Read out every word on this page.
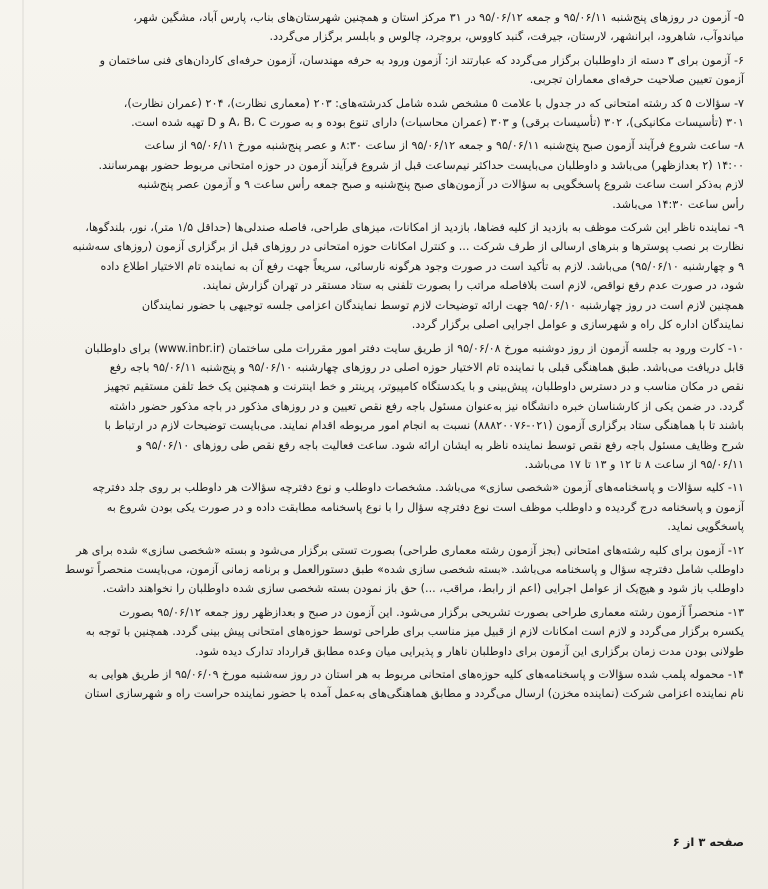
۵- آزمون در روزهای پنج‌شنبه ۹۵/۰۶/۱۱ و جمعه ۹۵/۰۶/۱۲ در ۳۱ مرکز استان و همچنین شهرستان‌های بناب، پارس آباد، مشگین شهر،

میاندوآب، شاهرود، ابرانشهر، لارستان، جیرفت، گنبد کاووس، بروجرد، چالوس و بابلسر برگزار می‌گردد.

۶- آزمون برای ۳ دسته از داوطلبان برگزار می‌گردد که عبارتند از: آزمون ورود به حرفه مهندسان، آزمون حرفه‌ای کاردان‌های فنی ساختمان و

آزمون تعیین صلاحیت حرفه‌ای معماران تجربی.

۷- سؤالات ۵ کد رشته امتحانی که در جدول با علامت ٥ مشخص شده شامل کدرشته‌های: ۲۰۳ (معماری نظارت)، ۲۰۴ (عمران نظارت)،

۳۰۱ (تأسیسات مکانیکی)، ۳۰۲ (تأسیسات برقی) و ۳۰۳ (عمران محاسبات) دارای تنوع بوده و به صورت A، B، C و D تهیه شده است.

۸- ساعت شروع فرآیند آزمون صبح پنج‌شنبه ۹۵/۰۶/۱۱ و جمعه ۹۵/۰۶/۱۲ از ساعت ۸:۳۰ و عصر پنج‌شنبه مورخ ۹۵/۰۶/۱۱ از ساعت

۱۴:۰۰ (۲ بعدازظهر) می‌باشد و داوطلبان می‌بایست حداکثر نیم‌ساعت قبل از شروع فرآیند آزمون در حوزه امتحانی مربوط حضور بهمرسانند.

لازم به‌ذکر است ساعت شروع پاسخگویی به سؤالات در آزمون‌های صبح پنج‌شنبه و صبح جمعه رأس ساعت ۹ و آزمون عصر پنج‌شنبه

رأس ساعت ۱۴:۳۰ می‌باشد.

۹- نماینده ناظر این شرکت موظف به بازدید از کلیه فضاها، بازدید از امکانات، میزهای طراحی، فاصله صندلی‌ها (حداقل ۱/۵ متر)، نور، بلندگوها،

نظارت بر نصب پوسترها و بنرهای ارسالی از طرف شرکت ... و کنترل امکانات حوزه امتحانی در روزهای قبل از برگزاری آزمون (روزهای سه‌شنبه

۹ و چهارشنبه ۹۵/۰۶/۱۰) می‌باشد. لازم به تأکید است در صورت وجود هرگونه نارسائی، سریعاً جهت رفع آن به نماینده تام الاختیار اطلاع داده

شود، در صورت عدم رفع نواقص، لازم است بلافاصله مراتب را بصورت تلفنی به ستاد مستقر در تهران گزارش نمایند.

همچنین لازم است در روز چهارشنبه ۹۵/۰۶/۱۰ جهت ارائه توضیحات لازم توسط نمایندگان اعزامی جلسه توجیهی با حضور نمایندگان

نمایندگان اداره کل راه و شهرسازی و عوامل اجرایی اصلی برگزار گردد.

۱۰- کارت ورود به جلسه آزمون از روز دوشنبه مورخ ۹۵/۰۶/۰۸ از طریق سایت دفتر امور مقررات ملی ساختمان (www.inbr.ir) برای داوطلبان

قابل دریافت می‌باشد. طبق هماهنگی قبلی با نماینده تام الاختیار حوزه اصلی در روزهای چهارشنبه ۹۵/۰۶/۱۰ و پنج‌شنبه ۹۵/۰۶/۱۱ باجه رفع

نقص در مکان مناسب و در دسترس داوطلبان، پیش‌بینی و با یکدستگاه کامپیوتر، پرینتر و خط اینترنت و همچنین یک خط تلفن مستقیم تجهیز

گردد. در ضمن یکی از کارشناسان خبره دانشگاه نیز به‌عنوان مسئول باجه رفع نقص تعیین و در روزهای مذکور در باجه مذکور حضور داشته

باشند تا با هماهنگی ستاد برگزاری آزمون (۰۲۱-۸۸۸۲۰۰۷۶) نسبت به انجام امور مربوطه اقدام نمایند. می‌بایست توضیحات لازم در ارتباط با

شرح وظایف مسئول باجه رفع نقص توسط نماینده ناظر به ایشان ارائه شود. ساعت فعالیت باجه رفع نقص طی روزهای ۹۵/۰۶/۱۰ و

۹۵/۰۶/۱۱ از ساعت ۸ تا ۱۲ و ۱۳ تا ۱۷ می‌باشد.

۱۱- کلیه سؤالات و پاسخنامه‌های آزمون «شخصی سازی» می‌باشد. مشخصات داوطلب و نوع دفترچه سؤالات هر داوطلب بر روی جلد دفترچه

آزمون و پاسخنامه درج گردیده و داوطلب موظف است نوع دفترچه سؤال را با نوع پاسخنامه مطابقت داده و در صورت یکی بودن شروع به

پاسخگویی نماید.

۱۲- آزمون برای کلیه رشته‌های امتحانی (بجز آزمون رشته معماری طراحی) بصورت تستی برگزار می‌شود و بسته «شخصی سازی» شده برای هر

داوطلب شامل دفترچه سؤال و پاسخنامه می‌باشد. «بسته شخصی سازی شده» طبق دستورالعمل و برنامه زمانی آزمون، می‌بایست منحصراً توسط

داوطلب باز شود و هیچ‌یک از عوامل اجرایی (اعم از رابط، مراقب، ...) حق باز نمودن بسته شخصی سازی شده داوطلبان را نخواهند داشت.

۱۳- منحصراً آزمون رشته معماری طراحی بصورت تشریحی برگزار می‌شود. این آزمون در صبح و بعدازظهر روز جمعه ۹۵/۰۶/۱۲ بصورت

یکسره برگزار می‌گردد و لازم است امکانات لازم از قبیل میز مناسب برای طراحی توسط حوزه‌های امتحانی پیش بینی گردد. همچنین با توجه به

طولانی بودن مدت زمان برگزاری این آزمون برای داوطلبان ناهار و پذیرایی میان وعده مطابق قرارداد تدارک دیده شود.

۱۴- محموله پلمب شده سؤالات و پاسخنامه‌های کلیه حوزه‌های امتحانی مربوط به هر استان در روز سه‌شنبه مورخ ۹۵/۰۶/۰۹ از طریق هوایی به

نام نماینده اعزامی شرکت (نماینده مخزن) ارسال می‌گردد و مطابق هماهنگی‌های به‌عمل آمده با حضور نماینده حراست راه و شهرسازی استان

صفحه ۳ از ۶
